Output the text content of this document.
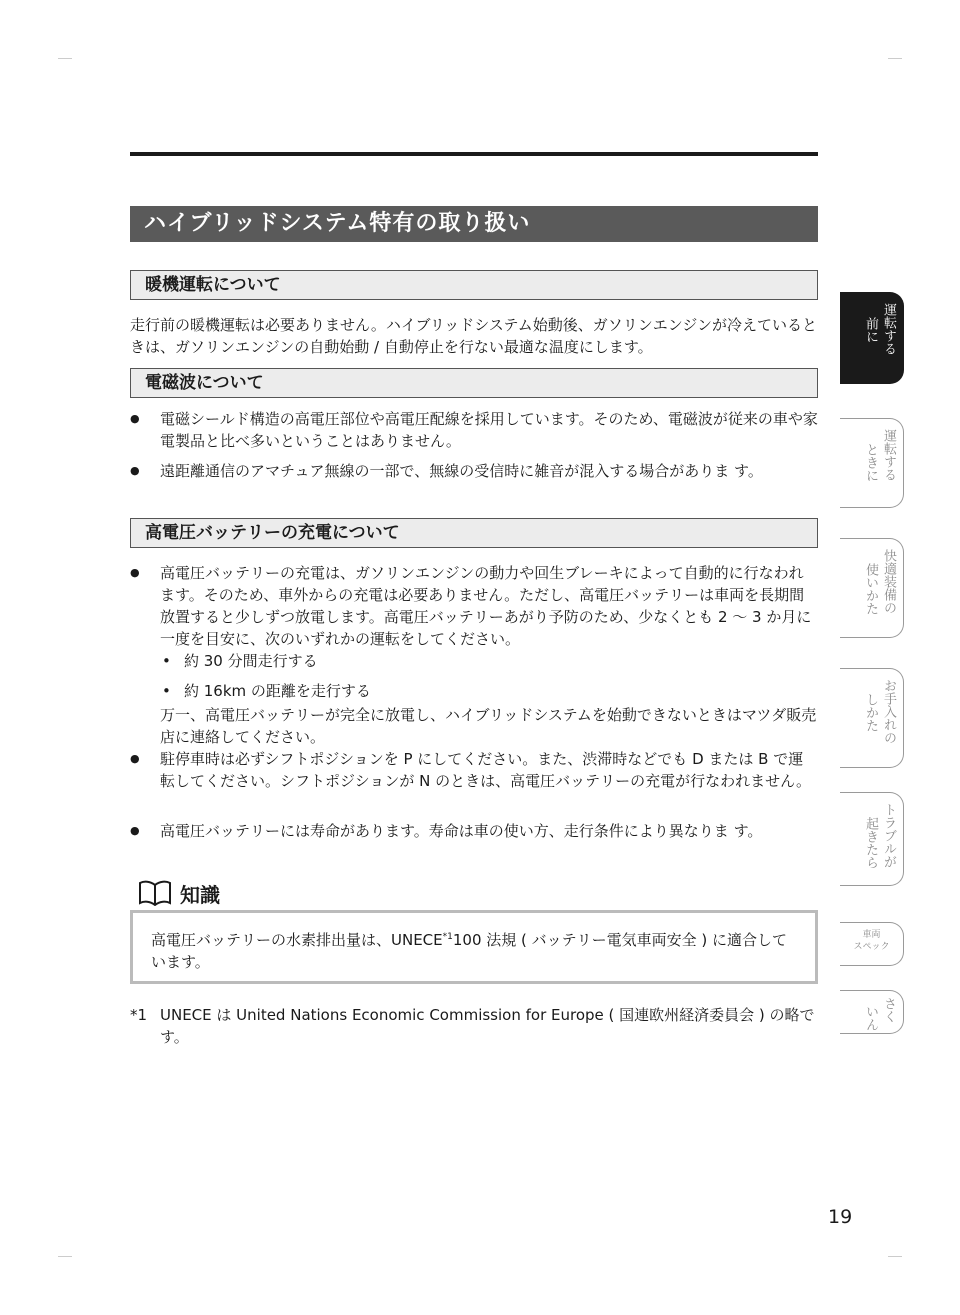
ハイブリッドシステム特有の取り扱い
暖機運転について
走行前の暖機運転は必要ありません。ハイブリッドシステム始動後、ガソリンエンジンが冷えているときは、ガソリンエンジンの自動始動 / 自動停止を行ない最適な温度にします。
電磁波について
● 電磁シールド構造の高電圧部位や高電圧配線を採用しています。そのため、電磁波が従来の車や家電製品と比べ多いということはありません。
● 遠距離通信のアマチュア無線の一部で、無線の受信時に雑音が混入する場合がありま す。
高電圧バッテリーの充電について
● 高電圧バッテリーの充電は、ガソリンエンジンの動力や回生ブレーキによって自動的に行なわれます。そのため、車外からの充電は必要ありません。ただし、高電圧バッテリーは車両を長期間放置すると少しずつ放電します。高電圧バッテリーあがり予防のため、少なくとも 2 ～ 3 か月に一度を目安に、次のいずれかの運転をしてください。
• 約 30 分間走行する
• 約 16km の距離を走行する
万一、高電圧バッテリーが完全に放電し、ハイブリッドシステムを始動できないときはマツダ販売店に連絡してください。
● 駐停車時は必ずシフトポジションを P にしてください。また、渋滞時などでも D または B で運転してください。シフトポジションが N のときは、高電圧バッテリーの充電が行なわれません。
● 高電圧バッテリーには寿命があります。寿命は車の使い方、走行条件により異なりま す。
知識
高電圧バッテリーの水素排出量は、UNECE$^{*1}$100 法規 ( バッテリー電気車両安全 ) に適合しています。
*1 UNECE は United Nations Economic Commission for Europe ( 国連欧州経済委員会 ) の略です。
19
運転する
前に
運転する
ときに
快適装備の
使いかた
お手入れの
しかた
トラブルが
起きたら
車両
スペック
さく
いん
